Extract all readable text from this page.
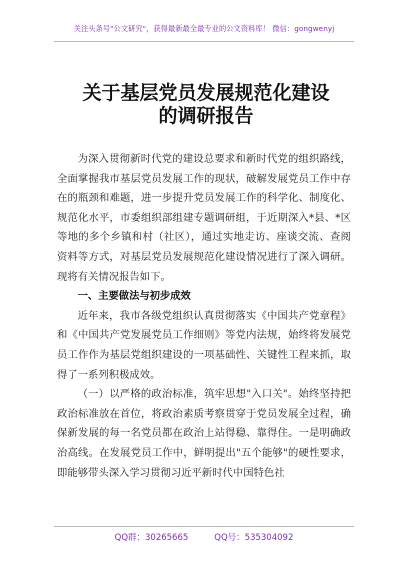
关注头条号"公文研究"，获得最新最全最专业的公文资料库！ 微信：gongwenyj
关于基层党员发展规范化建设的调研报告

为深入贯彻新时代党的建设总要求和新时代党的组织路线，全面掌握我市基层党员发展工作的现状，破解发展党员工作中存在的瓶颈和难题，进一步提升党员发展工作的科学化、制度化、规范化水平，市委组织部组建专题调研组，于近期深入*县、*区等地的多个乡镇和村（社区），通过实地走访、座谈交流、查阅资料等方式，对基层党员发展规范化建设情况进行了深入调研。现将有关情况报告如下。

一、主要做法与初步成效

近年来，我市各级党组织认真贯彻落实《中国共产党章程》和《中国共产党发展党员工作细则》等党内法规，始终将发展党员工作作为基层党组织建设的一项基础性、关键性工程来抓，取得了一系列积极成效。

（一）以严格的政治标准，筑牢思想"入口关"。始终坚持把政治标准放在首位，将政治素质考察贯穿于党员发展全过程，确保新发展的每一名党员都在政治上站得稳、靠得住。一是明确政治高线。在发展党员工作中，鲜明提出"五个能够"的硬性要求，即能够带头深入学习贯彻习近平新时代中国特色社

QQ群：30265665	QQ号：535304092
